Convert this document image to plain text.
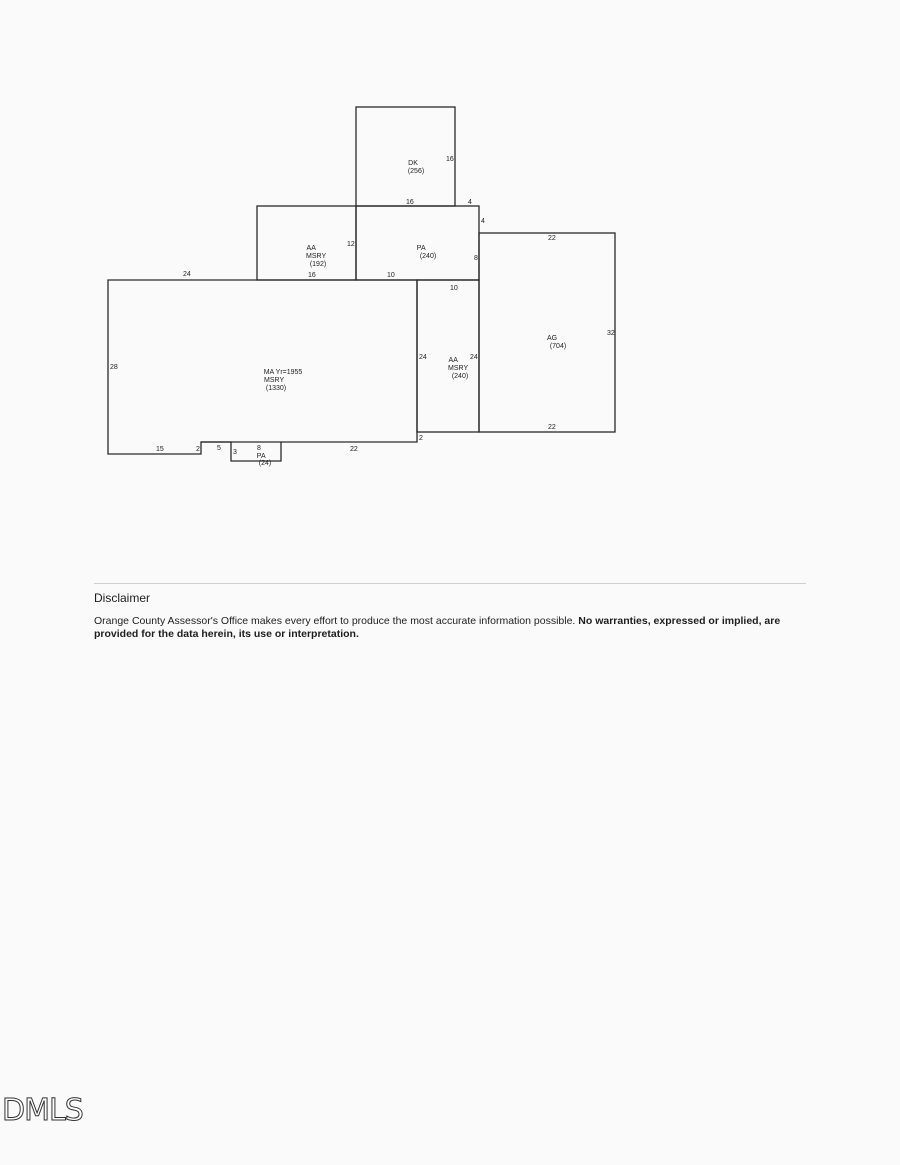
DK (256)
AA MSRY (192)
PA (240)
AG (704)
MA Yr=1955 MSRY (1330)
AA MSRY (240)
PA (24)
16
16	4
4
12
16	10
8
22
32
22
24
28
10
24	24
2
15	2 5
3
8	22
Disclaimer
Orange County Assessor's Office makes every effort to produce the most accurate information possible. No warranties, expressed or implied, are provided for the data herein, its use or interpretation.
DMLS
